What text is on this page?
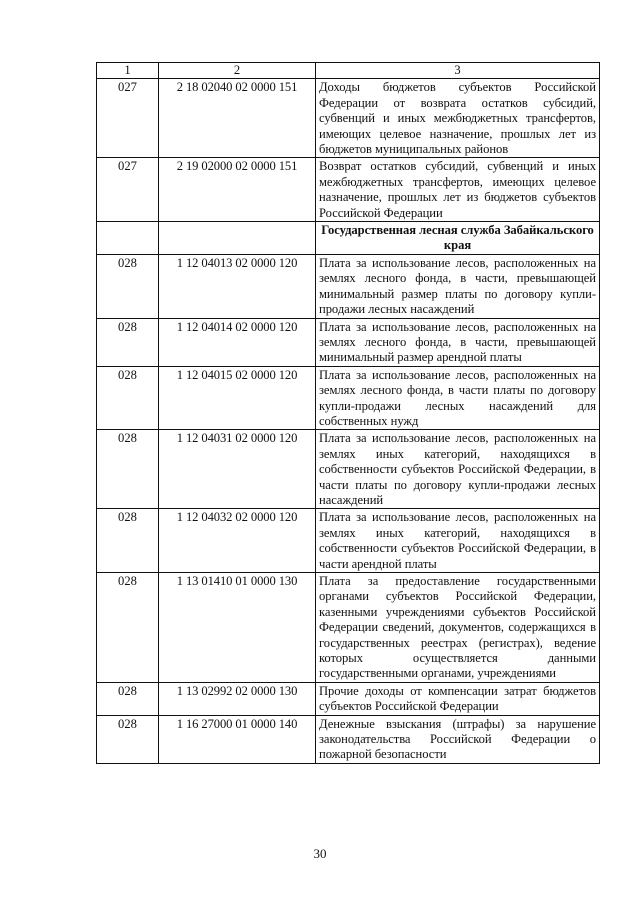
1	2	3
027	2 18 02040 02 0000 151	Доходы бюджетов субъектов Российской Федерации от возврата остатков субсидий, субвенций и иных межбюджетных трансфертов, имеющих целевое назначение, прошлых лет из бюджетов муниципальных районов
027	2 19 02000 02 0000 151	Возврат остатков субсидий, субвенций и иных межбюджетных трансфертов, имеющих целевое назначение, прошлых лет из бюджетов субъектов Российской Федерации
		Государственная лесная служба Забайкальского края
028	1 12 04013 02 0000 120	Плата за использование лесов, расположенных на землях лесного фонда, в части, превышающей минимальный размер платы по договору купли-продажи лесных насаждений
028	1 12 04014 02 0000 120	Плата за использование лесов, расположенных на землях лесного фонда, в части, превышающей минимальный размер арендной платы
028	1 12 04015 02 0000 120	Плата за использование лесов, расположенных на землях лесного фонда, в части платы по договору купли-продажи лесных насаждений для собственных нужд
028	1 12 04031 02 0000 120	Плата за использование лесов, расположенных на землях иных категорий, находящихся в собственности субъектов Российской Федерации, в части платы по договору купли-продажи лесных насаждений
028	1 12 04032 02 0000 120	Плата за использование лесов, расположенных на землях иных категорий, находящихся в собственности субъектов Российской Федерации, в части арендной платы
028	1 13 01410 01 0000 130	Плата за предоставление государственными органами субъектов Российской Федерации, казенными учреждениями субъектов Российской Федерации сведений, документов, содержащихся в государственных реестрах (регистрах), ведение которых осуществляется данными государственными органами, учреждениями
028	1 13 02992 02 0000 130	Прочие доходы от компенсации затрат бюджетов субъектов Российской Федерации
028	1 16 27000 01 0000 140	Денежные взыскания (штрафы) за нарушение законодательства Российской Федерации о пожарной безопасности
30
